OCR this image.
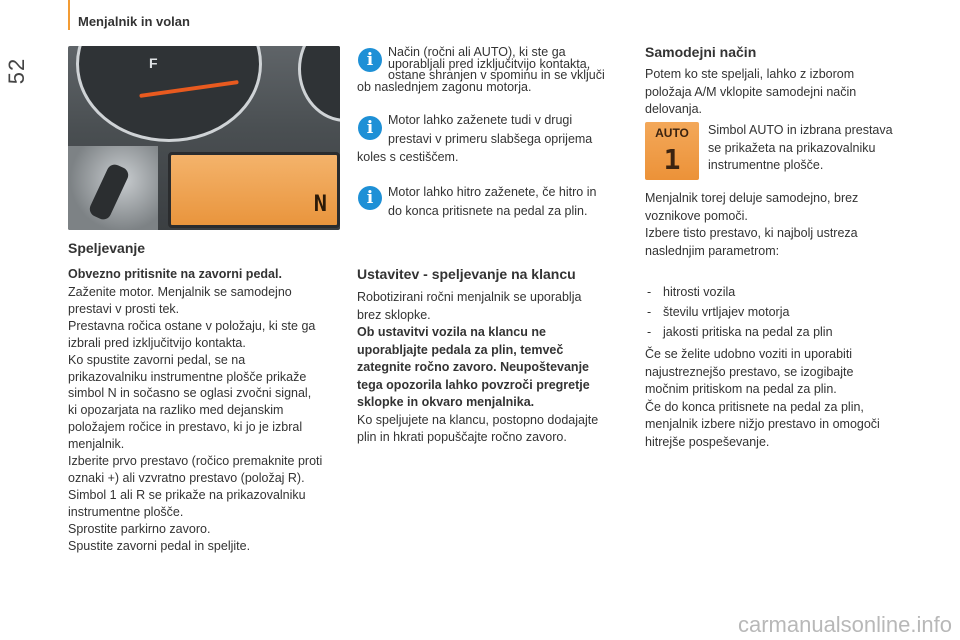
52
Menjalnik in volan
F
N
Speljevanje
Obvezno pritisnite na zavorni pedal.
Zaženite motor. Menjalnik se samodejno
prestavi v prosti tek.
Prestavna ročica ostane v položaju, ki ste ga
izbrali pred izključitvijo kontakta.
Ko spustite zavorni pedal, se na
prikazovalniku instrumentne plošče prikaže
simbol N in sočasno se oglasi zvočni signal,
ki opozarjata na razliko med dejanskim
položajem ročice in prestavo, ki jo je izbral
menjalnik.
Izberite prvo prestavo (ročico premaknite proti
oznaki +) ali vzvratno prestavo (položaj R).
Simbol 1 ali R se prikaže na prikazovalniku
instrumentne plošče.
Sprostite parkirno zavoro.
Spustite zavorni pedal in speljite.
i	Način (ročni ali AUTO), ki ste ga
uporabljali pred izključitvijo kontakta,
ostane shranjen v spominu in se vključi
ob naslednjem zagonu motorja.
i	Motor lahko zaženete tudi v drugi
prestavi v primeru slabšega oprijema
koles s cestiščem.
i	Motor lahko hitro zaženete, če hitro in
do konca pritisnete na pedal za plin.
Ustavitev - speljevanje na klancu
Robotizirani ročni menjalnik se uporablja
brez sklopke.
Ob ustavitvi vozila na klancu ne
uporabljajte pedala za plin, temveč
zategnite ročno zavoro. Neupoštevanje
tega opozorila lahko povzroči pregretje
sklopke in okvaro menjalnika.
Ko speljujete na klancu, postopno dodajajte
plin in hkrati popuščajte ročno zavoro.
Samodejni način
Potem ko ste speljali, lahko z izborom
položaja A/M vklopite samodejni način
delovanja.
AUTO
1
Simbol AUTO in izbrana prestava
se prikažeta na prikazovalniku
instrumentne plošče.
Menjalnik torej deluje samodejno, brez
voznikove pomoči.
Izbere tisto prestavo, ki najbolj ustreza
naslednjim parametrom:
- hitrosti vozila
- številu vrtljajev motorja
- jakosti pritiska na pedal za plin
Če se želite udobno voziti in uporabiti
najustreznejšo prestavo, se izogibajte
močnim pritiskom na pedal za plin.
Če do konca pritisnete na pedal za plin,
menjalnik izbere nižjo prestavo in omogoči
hitrejše pospeševanje.
carmanualsonline.info
